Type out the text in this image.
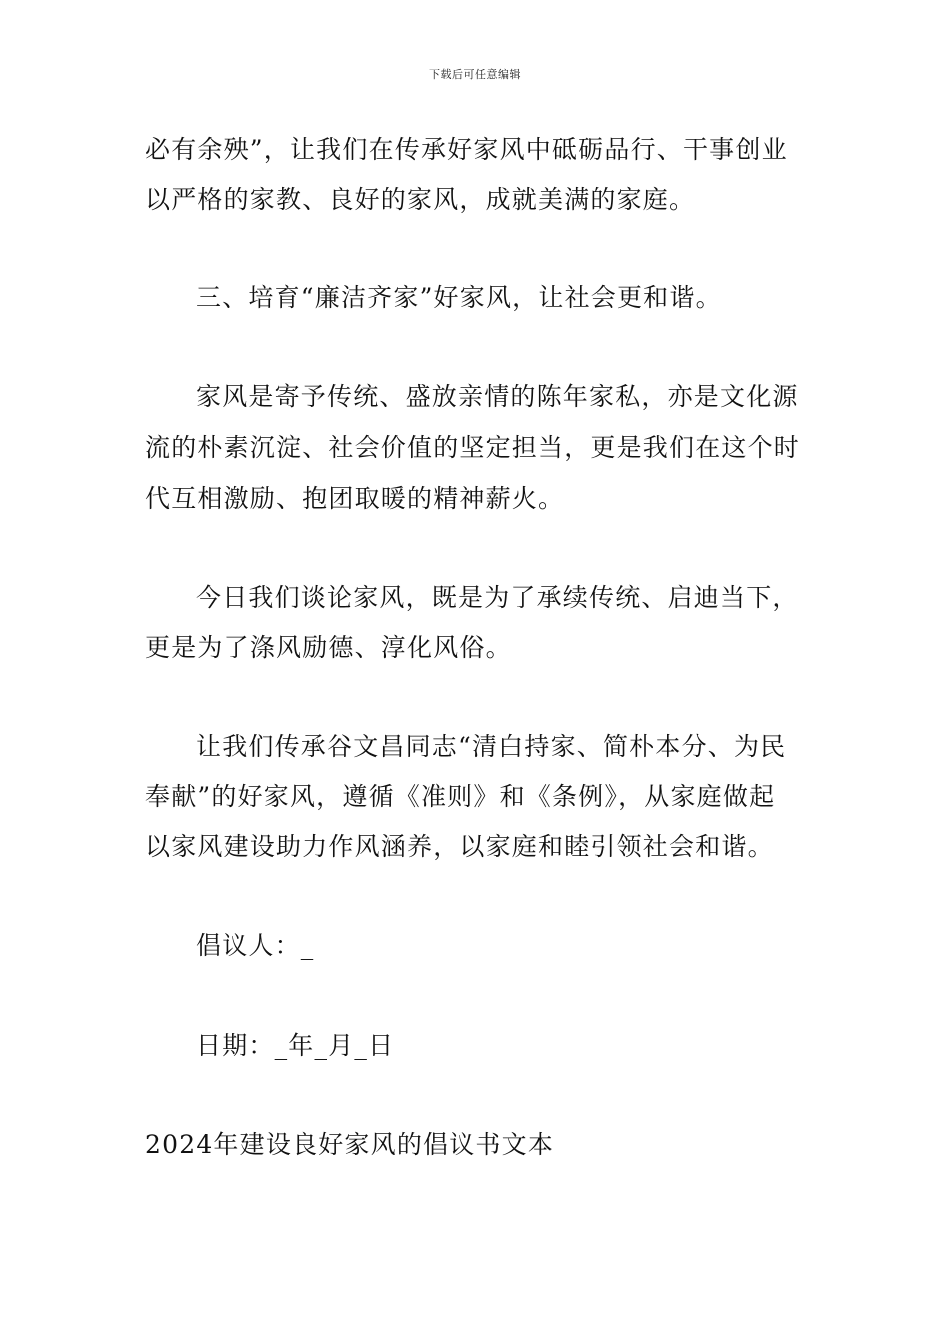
下载后可任意编辑
必有余殃”，让我们在传承好家风中砥砺品行、干事创业
以严格的家教、良好的家风，成就美满的家庭。
三、培育“廉洁齐家”好家风，让社会更和谐。
家风是寄予传统、盛放亲情的陈年家私，亦是文化源
流的朴素沉淀、社会价值的坚定担当，更是我们在这个时
代互相激励、抱团取暖的精神薪火。
今日我们谈论家风，既是为了承续传统、启迪当下，
更是为了涤风励德、淳化风俗。
让我们传承谷文昌同志“清白持家、简朴本分、为民
奉献”的好家风，遵循《准则》和《条例》，从家庭做起
以家风建设助力作风涵养，以家庭和睦引领社会和谐。
倡议人：_
日期：_年_月_日
2024年建设良好家风的倡议书文本
